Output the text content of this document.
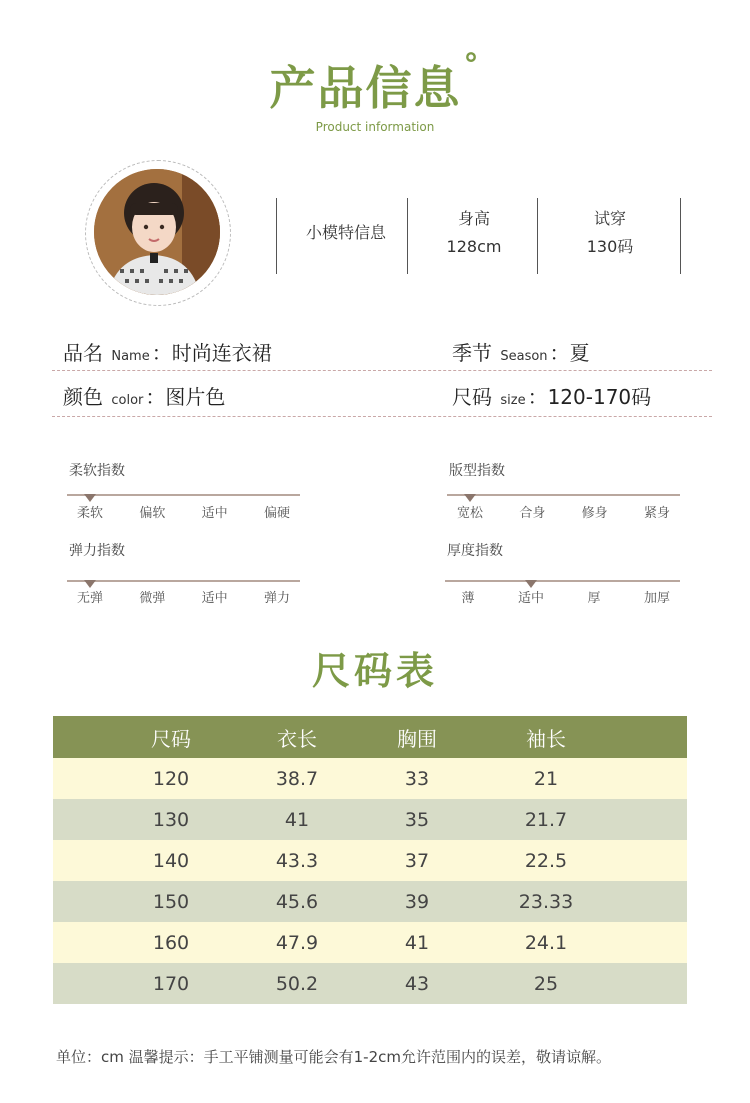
产品信息°
Product information
小模特信息
身高
128cm
试穿
130码
品名 Name ：时尚连衣裙	季节 Season ：夏
颜色 color ：图片色	尺码 size ：120-170码
柔软指数
柔软	偏软	适中	偏硬
版型指数
宽松	合身	修身	紧身
弹力指数
无弹	微弹	适中	弹力
厚度指数
薄	适中	厚	加厚
尺码表
尺码	衣长	胸围	袖长
120	38.7	33	21
130	41	35	21.7
140	43.3	37	22.5
150	45.6	39	23.33
160	47.9	41	24.1
170	50.2	43	25
单位：cm 温馨提示：手工平铺测量可能会有1-2cm允许范围内的误差，敬请谅解。
